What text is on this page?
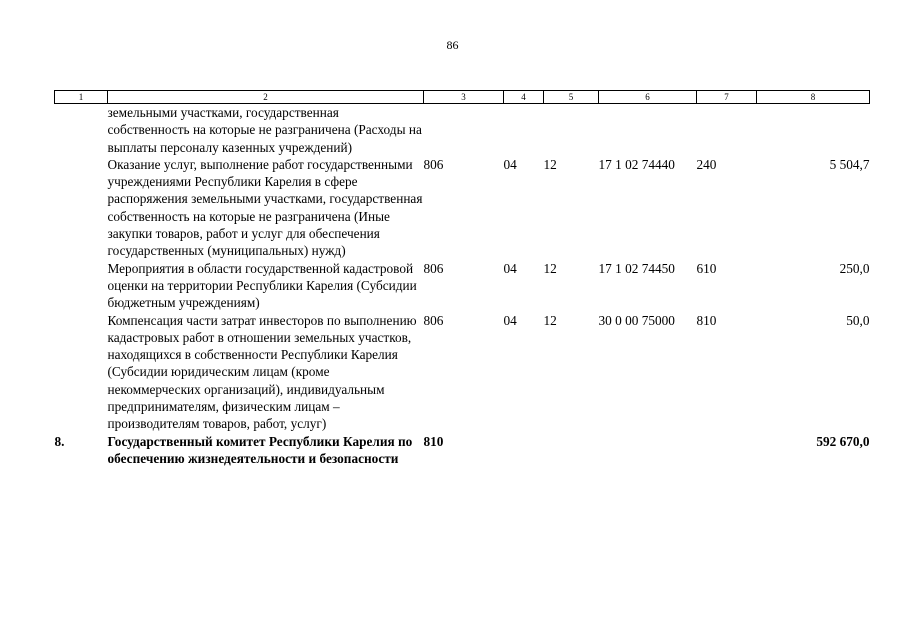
86
1	2	3	4	5	6	7	8
	земельными участками, государственная собственность на которые не разграничена (Расходы на выплаты персоналу казенных учреждений)						
	Оказание услуг, выполнение работ государственными учреждениями Республики Карелия в сфере распоряжения земельными участками, государственная собственность на которые не разграничена (Иные закупки товаров, работ и услуг для обеспечения государственных (муниципальных) нужд)	806	04	12	17 1 02 74440	240	5 504,7
	Мероприятия в области государственной кадастровой оценки на территории Республики Карелия (Субсидии бюджетным учреждениям)	806	04	12	17 1 02 74450	610	250,0
	Компенсация части затрат инвесторов по выполнению кадастровых работ в отношении земельных участков, находящихся в собственности Республики Карелия (Субсидии юридическим лицам (кроме некоммерческих организаций), индивидуальным предпринимателям, физическим лицам – производителям товаров, работ, услуг)	806	04	12	30 0 00 75000	810	50,0
8.	Государственный комитет Республики Карелия по обеспечению жизнедеятельности и безопасности	810					592 670,0
